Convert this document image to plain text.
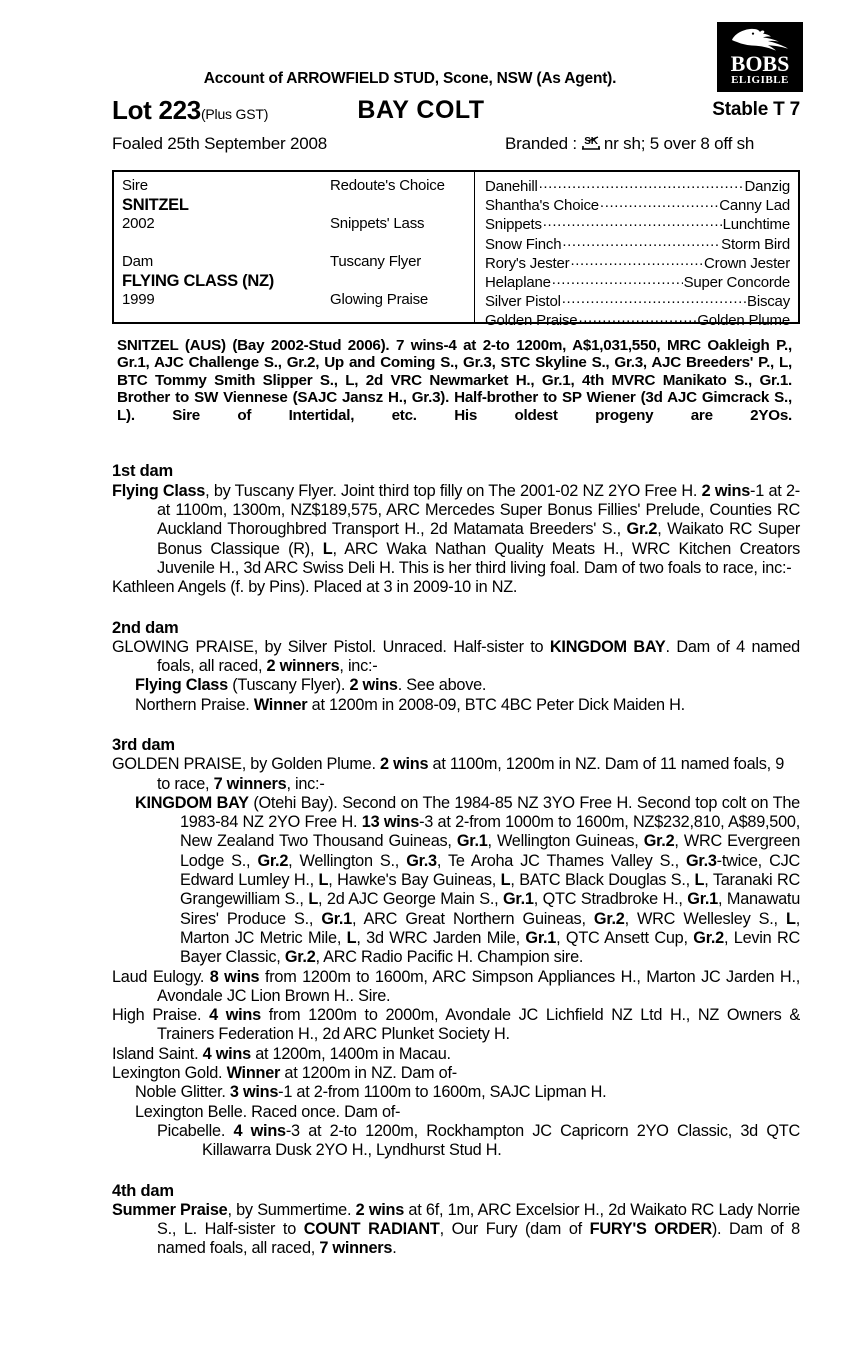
BOBS
ELIGIBLE
Account of ARROWFIELD STUD, Scone, NSW (As Agent).
Lot 223(Plus GST)	BAY COLT	Stable T 7
Foaled 25th September 2008	Branded : SK nr sh; 5 over 8 off sh
Sire	Redoute's Choice
SNITZEL
2002	Snippets' Lass
Dam	Tuscany Flyer
FLYING CLASS (NZ)
1999	Glowing Praise
Danehill .....	Danzig
Shantha's Choice .....	Canny Lad
Snippets .....	Lunchtime
Snow Finch .....	Storm Bird
Rory's Jester .....	Crown Jester
Helaplane .....	Super Concorde
Silver Pistol .....	Biscay
Golden Praise .....	Golden Plume
SNITZEL (AUS) (Bay 2002-Stud 2006). 7 wins-4 at 2-to 1200m, A$1,031,550, MRC Oakleigh P., Gr.1, AJC Challenge S., Gr.2, Up and Coming S., Gr.3, STC Skyline S., Gr.3, AJC Breeders' P., L, BTC Tommy Smith Slipper S., L, 2d VRC Newmarket H., Gr.1, 4th MVRC Manikato S., Gr.1. Brother to SW Viennese (SAJC Jansz H., Gr.3). Half-brother to SP Wiener (3d AJC Gimcrack S., L). Sire of Intertidal, etc. His oldest progeny are 2YOs.
1st dam
Flying Class, by Tuscany Flyer. Joint third top filly on The 2001-02 NZ 2YO Free H. 2 wins-1 at 2-at 1100m, 1300m, NZ$189,575, ARC Mercedes Super Bonus Fillies' Prelude, Counties RC Auckland Thoroughbred Transport H., 2d Matamata Breeders' S., Gr.2, Waikato RC Super Bonus Classique (R), L, ARC Waka Nathan Quality Meats H., WRC Kitchen Creators Juvenile H., 3d ARC Swiss Deli H. This is her third living foal. Dam of two foals to race, inc:-
Kathleen Angels (f. by Pins). Placed at 3 in 2009-10 in NZ.
2nd dam
GLOWING PRAISE, by Silver Pistol. Unraced. Half-sister to KINGDOM BAY. Dam of 4 named foals, all raced, 2 winners, inc:-
Flying Class (Tuscany Flyer). 2 wins. See above.
Northern Praise. Winner at 1200m in 2008-09, BTC 4BC Peter Dick Maiden H.
3rd dam
GOLDEN PRAISE, by Golden Plume. 2 wins at 1100m, 1200m in NZ. Dam of 11 named foals, 9 to race, 7 winners, inc:-
KINGDOM BAY (Otehi Bay). Second on The 1984-85 NZ 3YO Free H. Second top colt on The 1983-84 NZ 2YO Free H. 13 wins-3 at 2-from 1000m to 1600m, NZ$232,810, A$89,500, New Zealand Two Thousand Guineas, Gr.1, Wellington Guineas, Gr.2, WRC Evergreen Lodge S., Gr.2, Wellington S., Gr.3, Te Aroha JC Thames Valley S., Gr.3-twice, CJC Edward Lumley H., L, Hawke's Bay Guineas, L, BATC Black Douglas S., L, Taranaki RC Grangewilliam S., L, 2d AJC George Main S., Gr.1, QTC Stradbroke H., Gr.1, Manawatu Sires' Produce S., Gr.1, ARC Great Northern Guineas, Gr.2, WRC Wellesley S., L, Marton JC Metric Mile, L, 3d WRC Jarden Mile, Gr.1, QTC Ansett Cup, Gr.2, Levin RC Bayer Classic, Gr.2, ARC Radio Pacific H. Champion sire.
Laud Eulogy. 8 wins from 1200m to 1600m, ARC Simpson Appliances H., Marton JC Jarden H., Avondale JC Lion Brown H.. Sire.
High Praise. 4 wins from 1200m to 2000m, Avondale JC Lichfield NZ Ltd H., NZ Owners & Trainers Federation H., 2d ARC Plunket Society H.
Island Saint. 4 wins at 1200m, 1400m in Macau.
Lexington Gold. Winner at 1200m in NZ. Dam of-
Noble Glitter. 3 wins-1 at 2-from 1100m to 1600m, SAJC Lipman H.
Lexington Belle. Raced once. Dam of-
Picabelle. 4 wins-3 at 2-to 1200m, Rockhampton JC Capricorn 2YO Classic, 3d QTC Killawarra Dusk 2YO H., Lyndhurst Stud H.
4th dam
Summer Praise, by Summertime. 2 wins at 6f, 1m, ARC Excelsior H., 2d Waikato RC Lady Norrie S., L. Half-sister to COUNT RADIANT, Our Fury (dam of FURY'S ORDER). Dam of 8 named foals, all raced, 7 winners.
